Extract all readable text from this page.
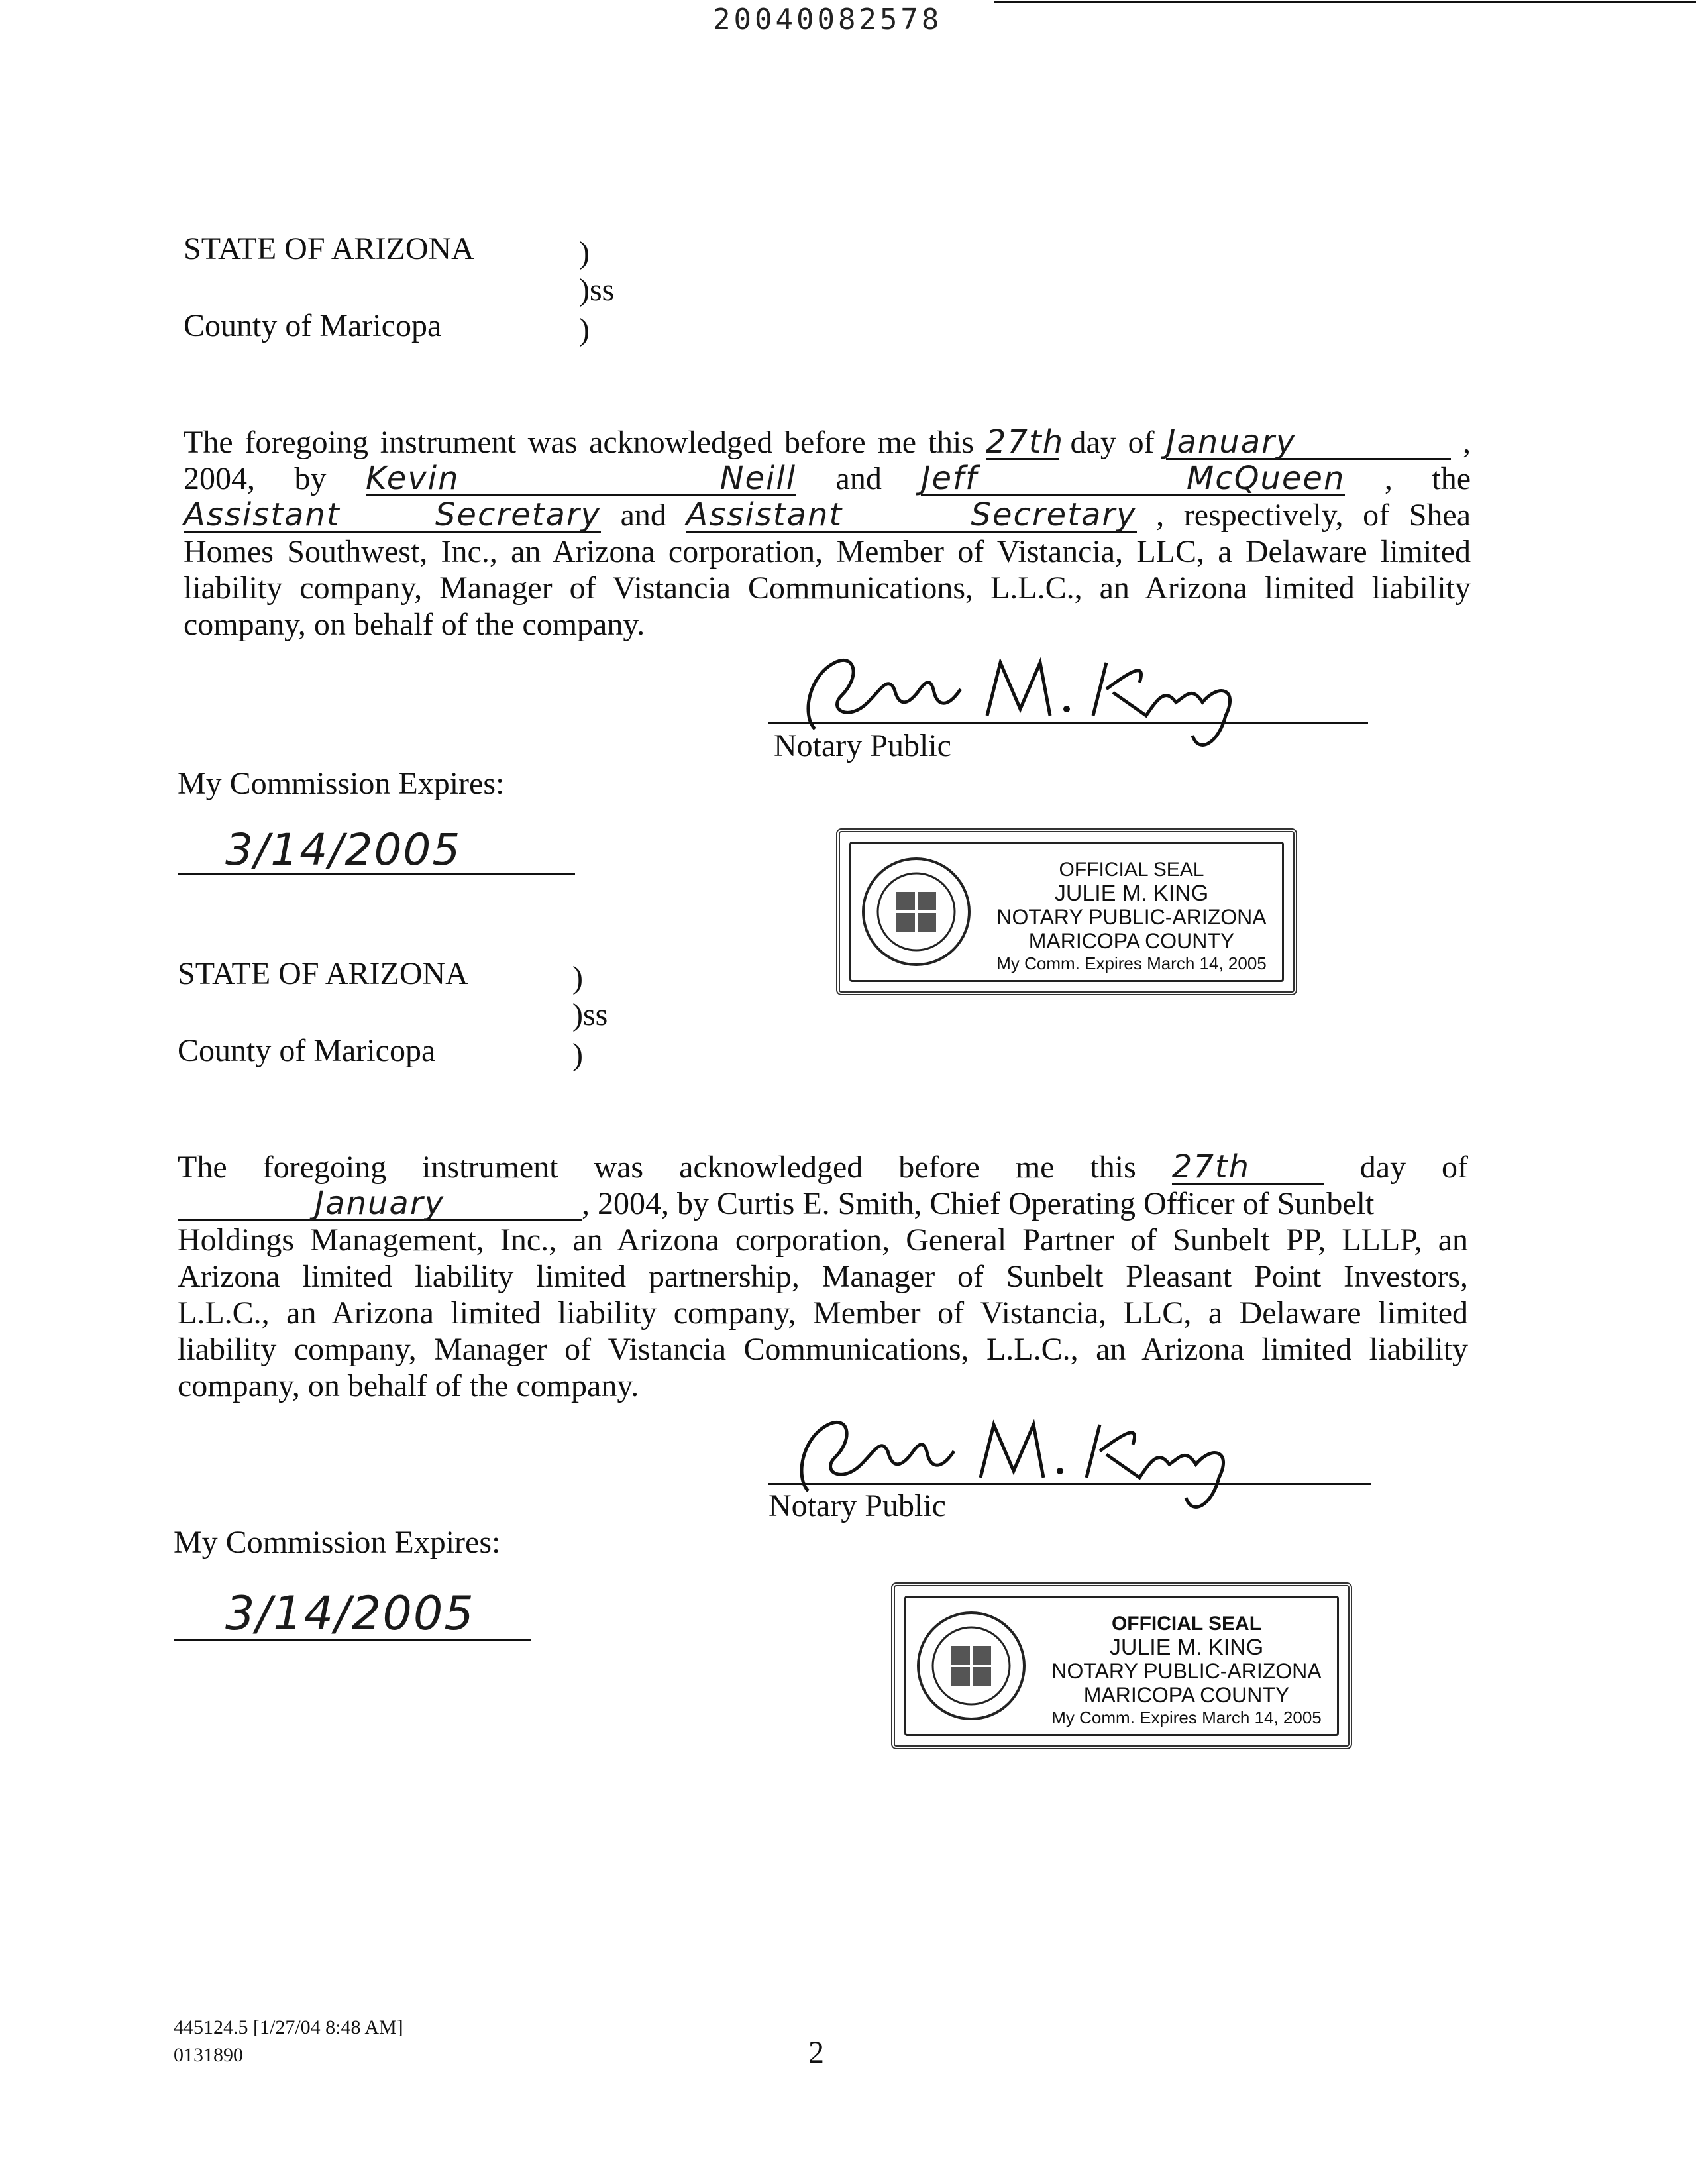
20040082578
STATE OF ARIZONA	)
)ss
County of Maricopa	)
The foregoing instrument was acknowledged before me this 27th day of January	,
2004, by Kevin Neill and Jeff McQueen , the
Assistant Secretary and Assistant Secretary , respectively, of Shea
Homes Southwest, Inc., an Arizona corporation, Member of Vistancia, LLC, a Delaware limited
liability company, Manager of Vistancia Communications, L.L.C., an Arizona limited liability
company, on behalf of the company.
Notary Public
My Commission Expires:
3/14/2005	OFFICIAL SEAL
JULIE M. KING
NOTARY PUBLIC-ARIZONA
MARICOPA COUNTY
My Comm. Expires March 14, 2005
STATE OF ARIZONA	)
)ss
County of Maricopa	)
The foregoing instrument was acknowledged before me this 27th	day of
January	, 2004, by Curtis E. Smith, Chief Operating Officer of Sunbelt
Holdings Management, Inc., an Arizona corporation, General Partner of Sunbelt PP, LLLP, an
Arizona limited liability limited partnership, Manager of Sunbelt Pleasant Point Investors,
L.L.C., an Arizona limited liability company, Member of Vistancia, LLC, a Delaware limited
liability company, Manager of Vistancia Communications, L.L.C., an Arizona limited liability
company, on behalf of the company.
Notary Public
My Commission Expires:
3/14/2005	OFFICIAL SEAL
JULIE M. KING
NOTARY PUBLIC-ARIZONA
MARICOPA COUNTY
My Comm. Expires March 14, 2005
445124.5 [1/27/04 8:48 AM]
0131890	2
